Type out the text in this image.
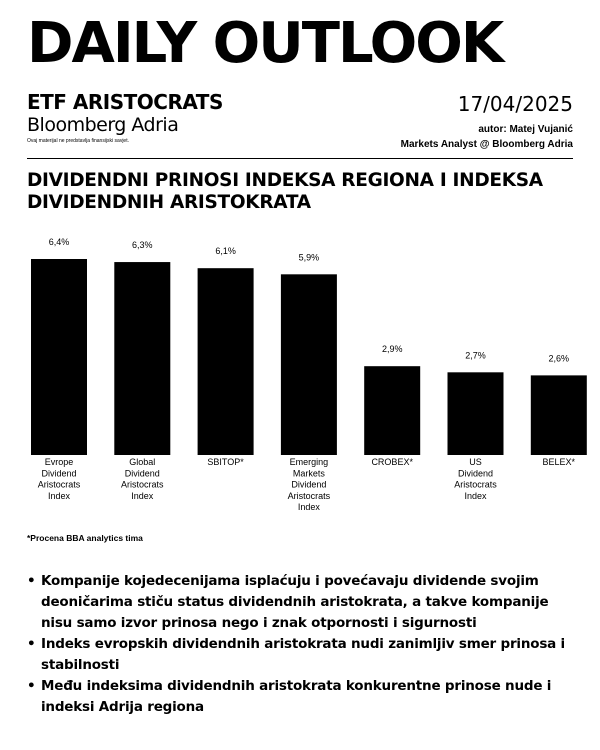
DAILY OUTLOOK
ETF ARISTOCRATS
Bloomberg Adria
Ovaj materijal ne predstavlja finansijski savjet.
17/04/2025
autor: Matej Vujanić
Markets Analyst @ Bloomberg Adria
DIVIDENDNI PRINOSI INDEKSA REGIONA I INDEKSA DIVIDENDNIH ARISTOKRATA
6,4%
Evrope Dividend Aristocrats Index
6,3%
Global Dividend Aristocrats Index
6,1%
SBITOP*
5,9%
Emerging Markets Dividend Aristocrats Index
2,9%
CROBEX*
2,7%
US Dividend Aristocrats Index
2,6%
BELEX*
*Procena BBA analytics tima
• Kompanije kojedecenijama isplaćuju i povećavaju dividende svojim deoničarima stiču status dividendnih aristokrata, a takve kompanije nisu samo izvor prinosa nego i znak otpornosti i sigurnosti
• Indeks evropskih dividendnih aristokrata nudi zanimljiv smer prinosa i stabilnosti
• Među indeksima dividendnih aristokrata konkurentne prinose nude i indeksi Adrija regiona
